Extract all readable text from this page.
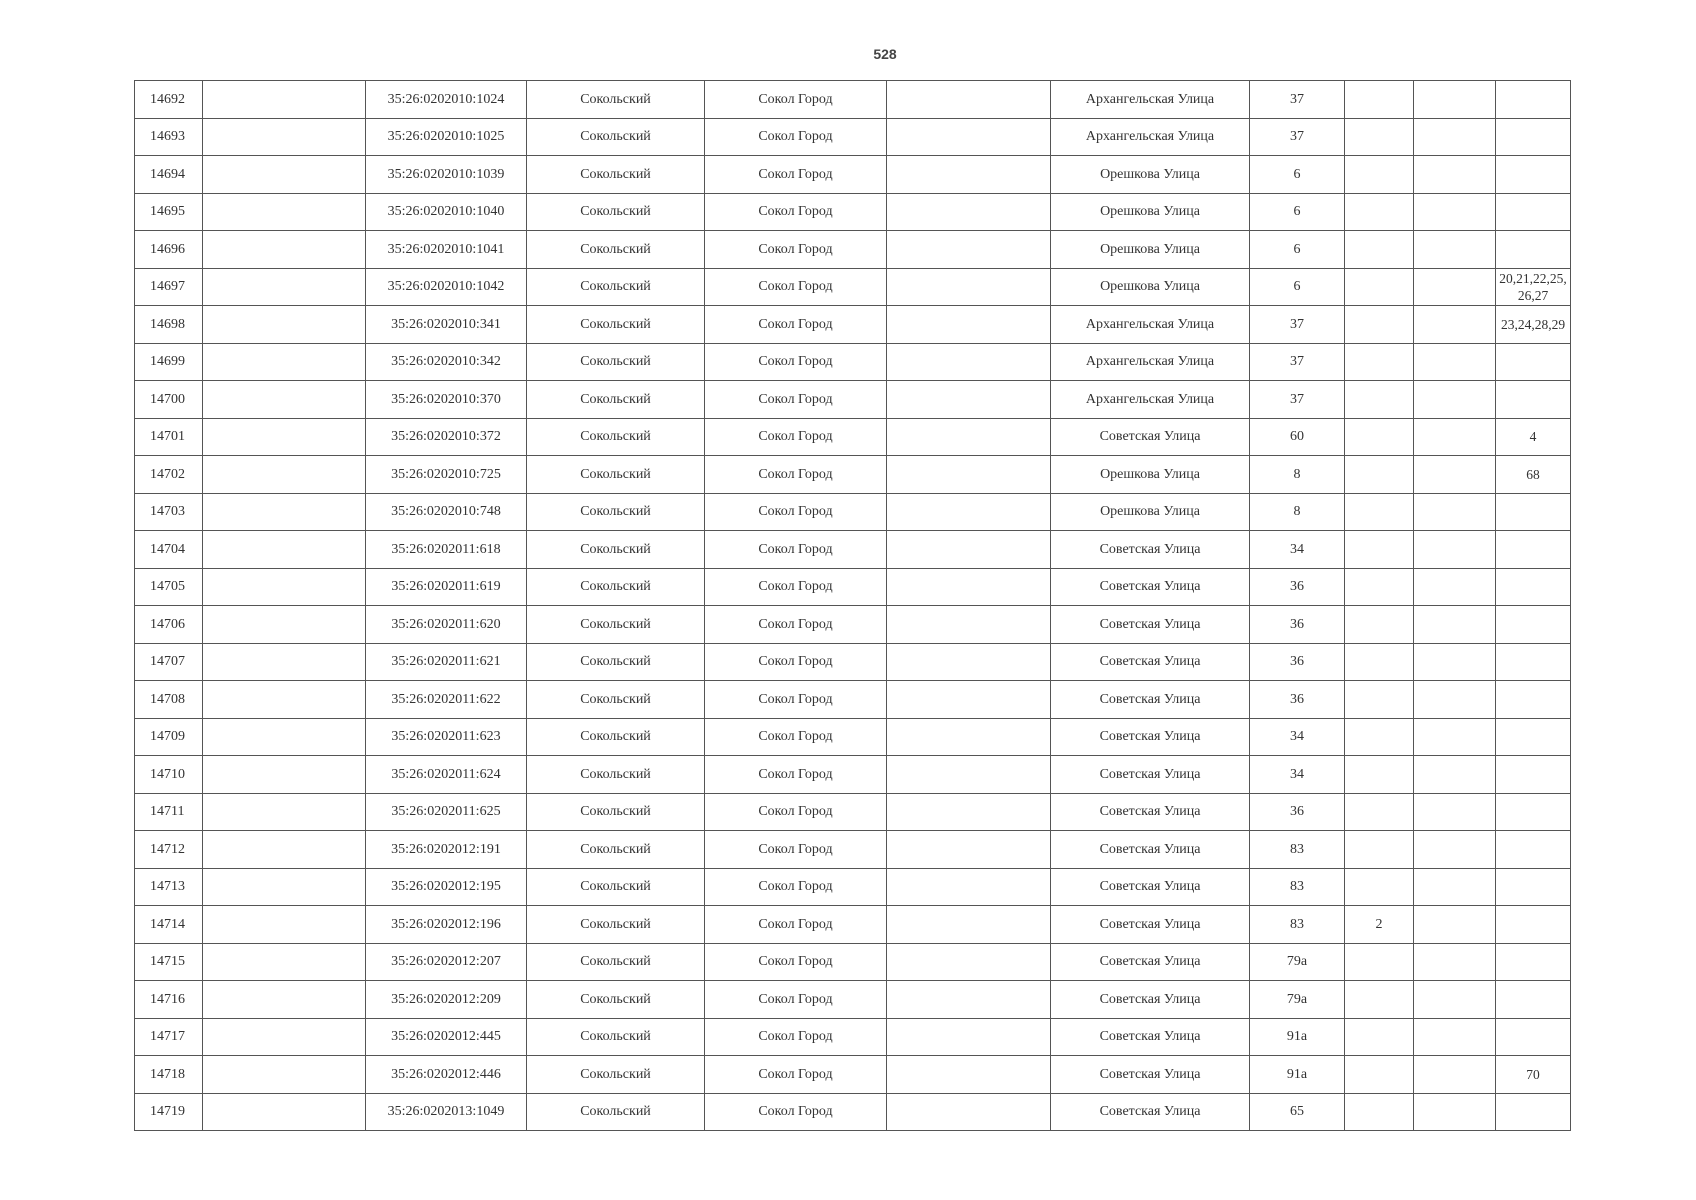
528
14692		35:26:0202010:1024	Сокольский	Сокол Город		Архангельская Улица	37			
14693		35:26:0202010:1025	Сокольский	Сокол Город		Архангельская Улица	37			
14694		35:26:0202010:1039	Сокольский	Сокол Город		Орешкова Улица	6			
14695		35:26:0202010:1040	Сокольский	Сокол Город		Орешкова Улица	6			
14696		35:26:0202010:1041	Сокольский	Сокол Город		Орешкова Улица	6			
14697		35:26:0202010:1042	Сокольский	Сокол Город		Орешкова Улица	6			20,21,22,25,26,27
14698		35:26:0202010:341	Сокольский	Сокол Город		Архангельская Улица	37			23,24,28,29
14699		35:26:0202010:342	Сокольский	Сокол Город		Архангельская Улица	37			
14700		35:26:0202010:370	Сокольский	Сокол Город		Архангельская Улица	37			
14701		35:26:0202010:372	Сокольский	Сокол Город		Советская Улица	60			4
14702		35:26:0202010:725	Сокольский	Сокол Город		Орешкова Улица	8			68
14703		35:26:0202010:748	Сокольский	Сокол Город		Орешкова Улица	8			
14704		35:26:0202011:618	Сокольский	Сокол Город		Советская Улица	34			
14705		35:26:0202011:619	Сокольский	Сокол Город		Советская Улица	36			
14706		35:26:0202011:620	Сокольский	Сокол Город		Советская Улица	36			
14707		35:26:0202011:621	Сокольский	Сокол Город		Советская Улица	36			
14708		35:26:0202011:622	Сокольский	Сокол Город		Советская Улица	36			
14709		35:26:0202011:623	Сокольский	Сокол Город		Советская Улица	34			
14710		35:26:0202011:624	Сокольский	Сокол Город		Советская Улица	34			
14711		35:26:0202011:625	Сокольский	Сокол Город		Советская Улица	36			
14712		35:26:0202012:191	Сокольский	Сокол Город		Советская Улица	83			
14713		35:26:0202012:195	Сокольский	Сокол Город		Советская Улица	83			
14714		35:26:0202012:196	Сокольский	Сокол Город		Советская Улица	83	2		
14715		35:26:0202012:207	Сокольский	Сокол Город		Советская Улица	79а			
14716		35:26:0202012:209	Сокольский	Сокол Город		Советская Улица	79а			
14717		35:26:0202012:445	Сокольский	Сокол Город		Советская Улица	91а			
14718		35:26:0202012:446	Сокольский	Сокол Город		Советская Улица	91а			70
14719		35:26:0202013:1049	Сокольский	Сокол Город		Советская Улица	65			
